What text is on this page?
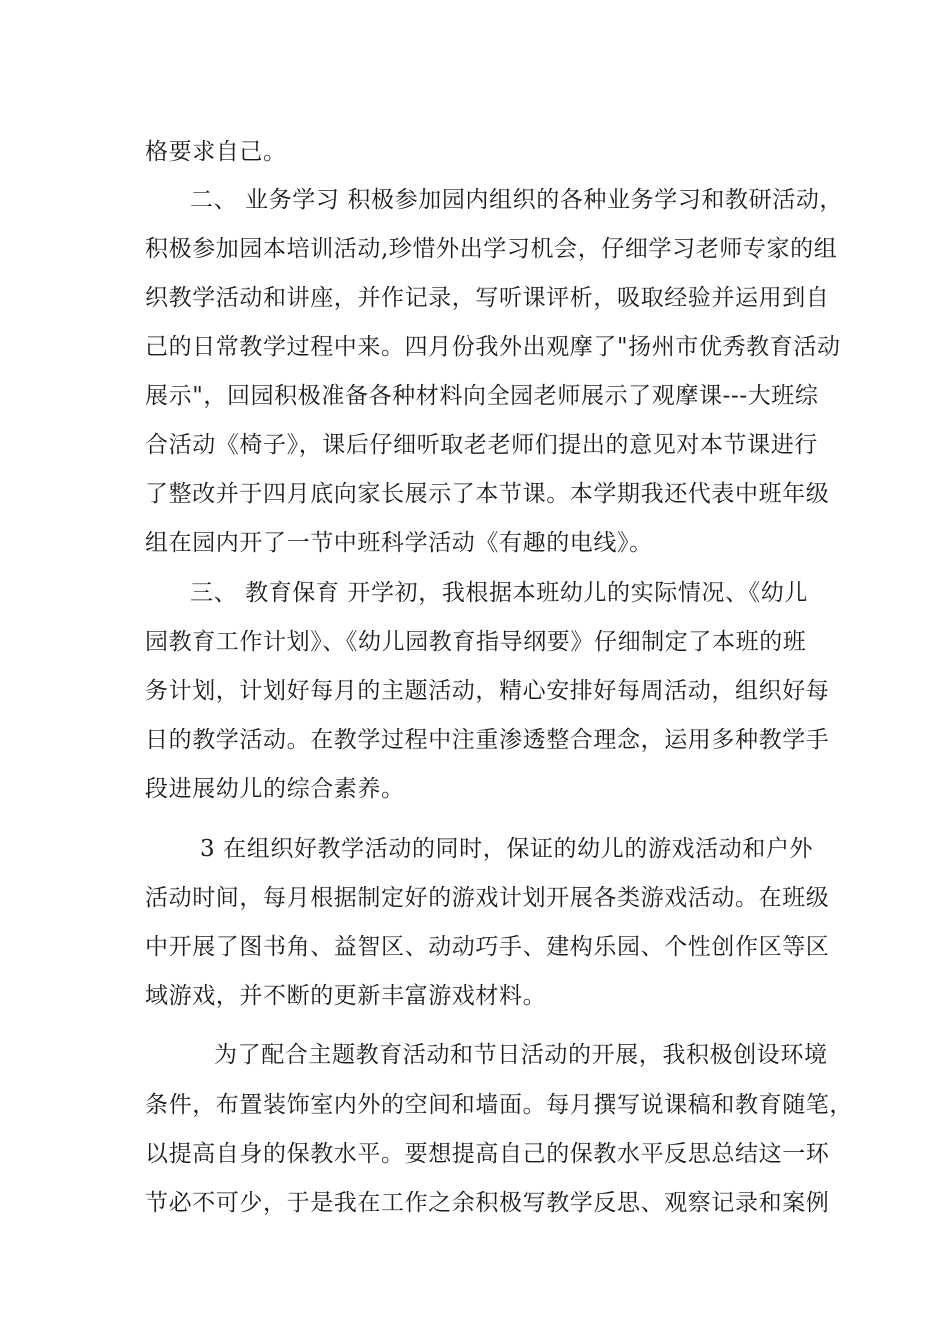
格要求自己。
二、 业务学习 积极参加园内组织的各种业务学习和教研活动，
积极参加园本培训活动,珍惜外出学习机会，仔细学习老师专家的组
织教学活动和讲座，并作记录，写听课评析，吸取经验并运用到自
己的日常教学过程中来。四月份我外出观摩了"扬州市优秀教育活动
展示"，回园积极准备各种材料向全园老师展示了观摩课---大班综
合活动《椅子》，课后仔细听取老老师们提出的意见对本节课进行
了整改并于四月底向家长展示了本节课。本学期我还代表中班年级
组在园内开了一节中班科学活动《有趣的电线》。
三、 教育保育 开学初，我根据本班幼儿的实际情况、《幼儿
园教育工作计划》、《幼儿园教育指导纲要》仔细制定了本班的班
务计划，计划好每月的主题活动，精心安排好每周活动，组织好每
日的教学活动。在教学过程中注重渗透整合理念，运用多种教学手
段进展幼儿的综合素养。
3 在组织好教学活动的同时，保证的幼儿的游戏活动和户外
活动时间，每月根据制定好的游戏计划开展各类游戏活动。在班级
中开展了图书角、益智区、动动巧手、建构乐园、个性创作区等区
域游戏，并不断的更新丰富游戏材料。
为了配合主题教育活动和节日活动的开展，我积极创设环境
条件，布置装饰室内外的空间和墙面。每月撰写说课稿和教育随笔，
以提高自身的保教水平。要想提高自己的保教水平反思总结这一环
节必不可少，于是我在工作之余积极写教学反思、观察记录和案例
